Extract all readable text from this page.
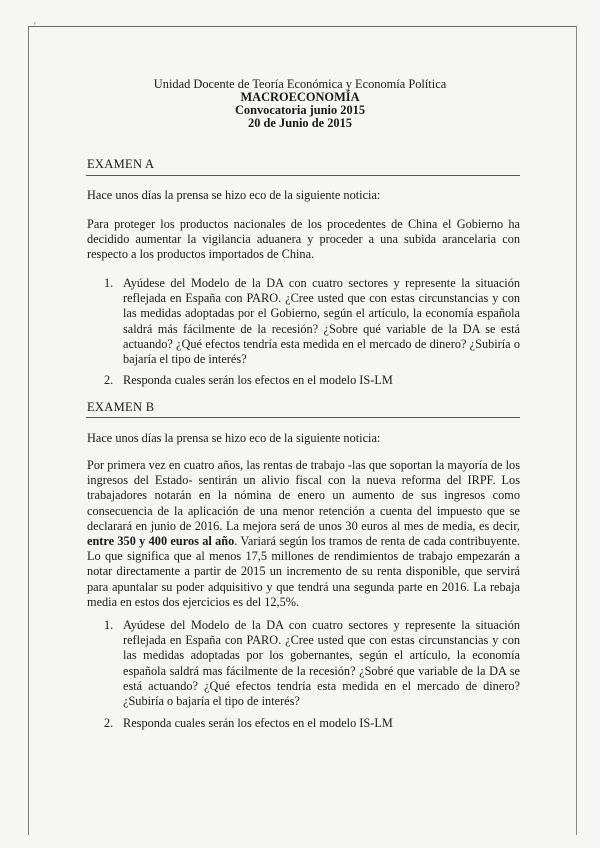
˲
Unidad Docente de Teoría Económica y Economía Política
MACROECONOMÍA
Convocatoria junio 2015
20 de Junio de 2015
EXAMEN A

Hace unos días la prensa se hizo eco de la siguiente noticia:

Para proteger los productos nacionales de los procedentes de China el Gobierno ha decidido aumentar la vigilancia aduanera y proceder a una subida arancelaria con respecto a los productos importados de China.

1. Ayúdese del Modelo de la DA con cuatro sectores y represente la situación reflejada en España con PARO. ¿Cree usted que con estas circunstancias y con las medidas adoptadas por el Gobierno, según el artículo, la economía española saldrá más fácilmente de la recesión? ¿Sobre qué variable de la DA se está actuando? ¿Qué efectos tendría esta medida en el mercado de dinero? ¿Subiría o bajaría el tipo de interés?

2. Responda cuales serán los efectos en el modelo IS-LM

EXAMEN B

Hace unos días la prensa se hizo eco de la siguiente noticia:

Por primera vez en cuatro años, las rentas de trabajo -las que soportan la mayoría de los ingresos del Estado- sentirán un alivio fiscal con la nueva reforma del IRPF. Los trabajadores notarán en la nómina de enero un aumento de sus ingresos como consecuencia de la aplicación de una menor retención a cuenta del impuesto que se declarará en junio de 2016. La mejora será de unos 30 euros al mes de media, es decir, entre 350 y 400 euros al año. Variará según los tramos de renta de cada contribuyente. Lo que significa que al menos 17,5 millones de rendimientos de trabajo empezarán a notar directamente a partir de 2015 un incremento de su renta disponible, que servirá para apuntalar su poder adquisitivo y que tendrá una segunda parte en 2016. La rebaja media en estos dos ejercicios es del 12,5%.

1. Ayúdese del Modelo de la DA con cuatro sectores y represente la situación reflejada en España con PARO. ¿Cree usted que con estas circunstancias y con las medidas adoptadas por los gobernantes, según el artículo, la economía española saldrá mas fácilmente de la recesión? ¿Sobré que variable de la DA se está actuando? ¿Qué efectos tendría esta medida en el mercado de dinero? ¿Subiría o bajaría el tipo de interés?

2. Responda cuales serán los efectos en el modelo IS-LM
